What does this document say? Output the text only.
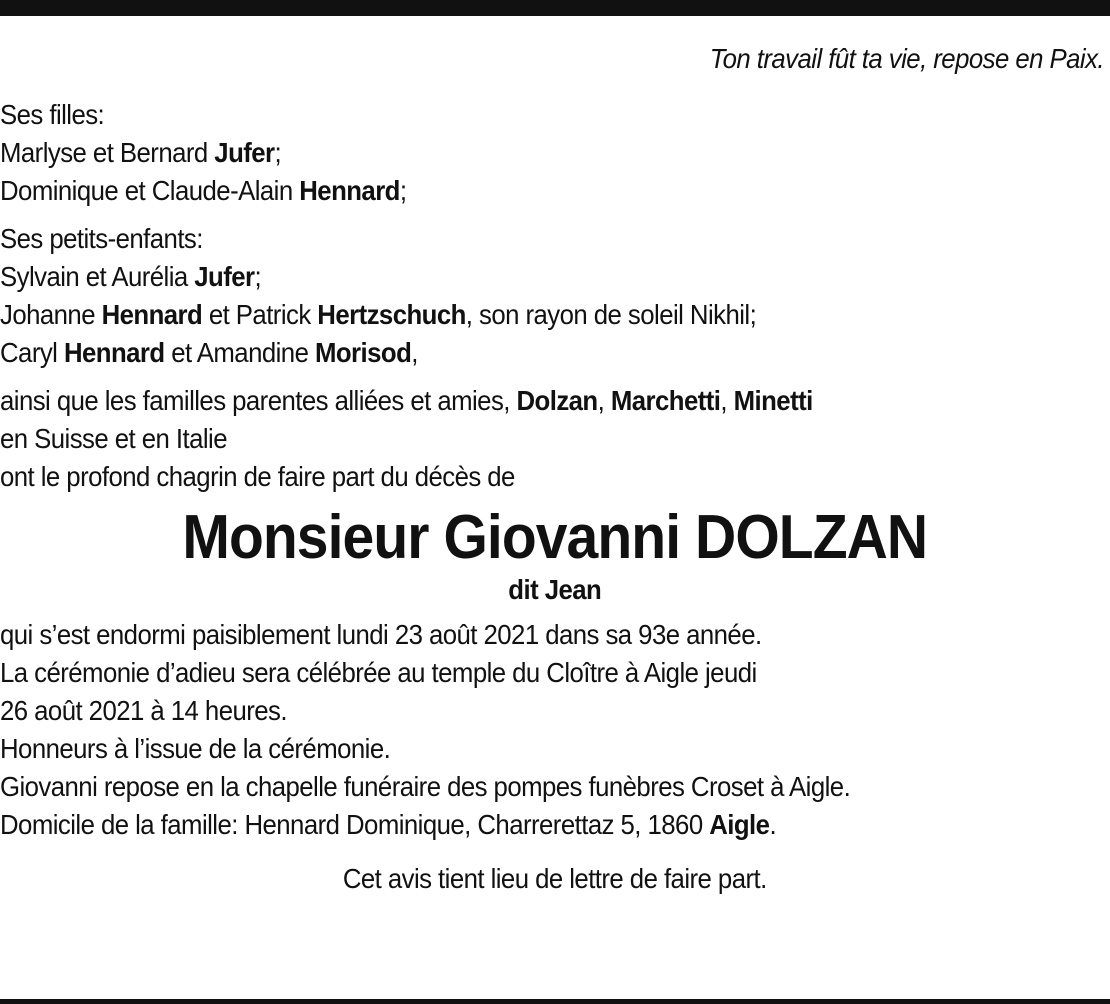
Ton travail fût ta vie, repose en Paix.

Ses filles:

Marlyse et Bernard Jufer;

Dominique et Claude-Alain Hennard;

Ses petits-enfants:

Sylvain et Aurélia Jufer;

Johanne Hennard et Patrick Hertzschuch, son rayon de soleil Nikhil;

Caryl Hennard et Amandine Morisod,

ainsi que les familles parentes alliées et amies, Dolzan, Marchetti, Minetti

en Suisse et en Italie

ont le profond chagrin de faire part du décès de

Monsieur Giovanni DOLZAN

dit Jean

qui s’est endormi paisiblement lundi 23 août 2021 dans sa 93e année.

La cérémonie d’adieu sera célébrée au temple du Cloître à Aigle jeudi

26 août 2021 à 14 heures.

Honneurs à l’issue de la cérémonie.

Giovanni repose en la chapelle funéraire des pompes funèbres Croset à Aigle.

Domicile de la famille: Hennard Dominique, Charrerettaz 5, 1860 Aigle.

Cet avis tient lieu de lettre de faire part.
